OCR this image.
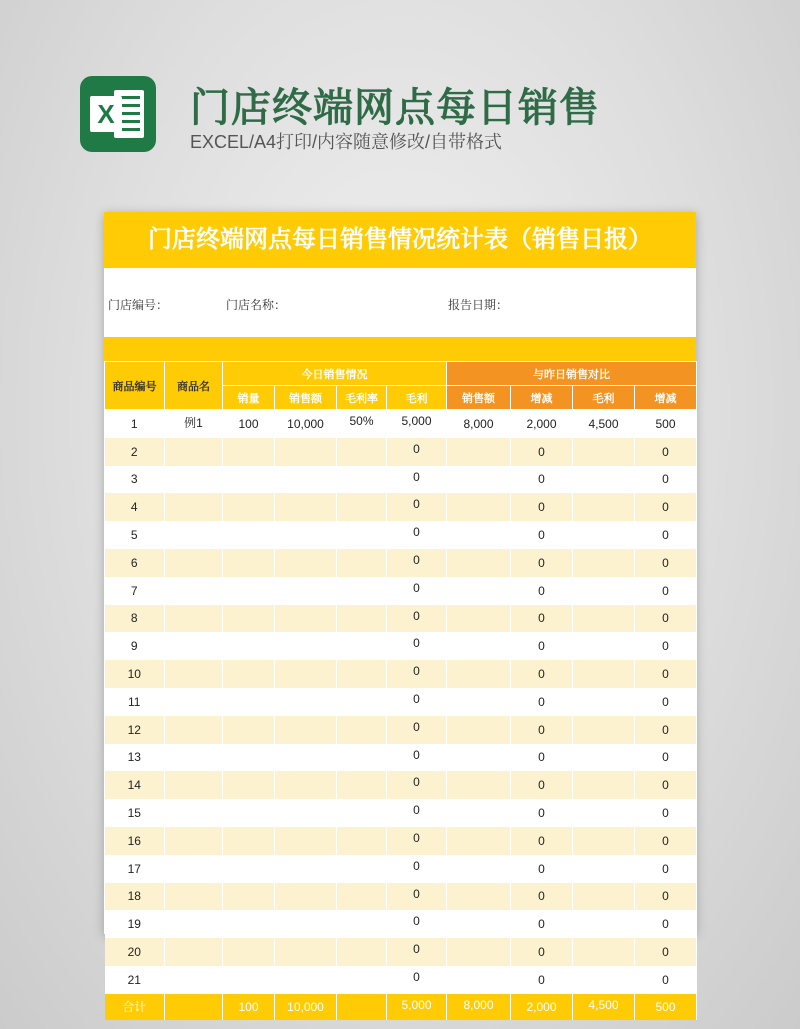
X 门店终端网点每日销售
EXCEL/A4打印/内容随意修改/自带格式
门店终端网点每日销售情况统计表（销售日报）
门店编号：	门店名称：	报告日期：
商品编号	商品名	今日销售情况				与昨日销售对比			
		销量	销售额	毛利率	毛利	销售额	增减	毛利	增减
1	例1	100	10,000	50%	5,000	8,000	2,000	4,500	500
2					0		0		0
3					0		0		0
4					0		0		0
5					0		0		0
6					0		0		0
7					0		0		0
8					0		0		0
9					0		0		0
10					0		0		0
11					0		0		0
12					0		0		0
13					0		0		0
14					0		0		0
15					0		0		0
16					0		0		0
17					0		0		0
18					0		0		0
19					0		0		0
20					0		0		0
21					0		0		0
合计		100	10,000		5,000	8,000	2,000	4,500	500
